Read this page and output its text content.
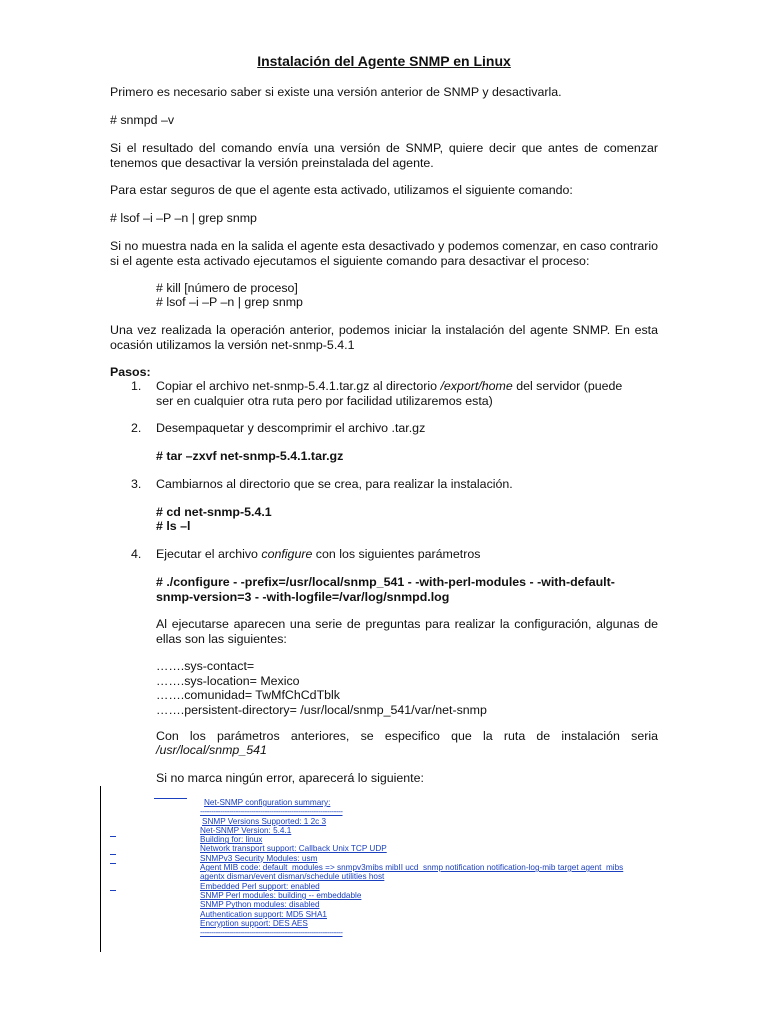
Instalación del Agente SNMP en Linux
Primero es necesario saber si existe una versión anterior de SNMP y desactivarla.
# snmpd –v
Si el resultado del comando envía una versión de SNMP, quiere decir que antes de comenzar tenemos que desactivar la versión preinstalada del agente.
Para estar seguros de que el agente esta activado, utilizamos el siguiente comando:
# lsof –i –P –n | grep snmp
Si no muestra nada en la salida el agente esta desactivado y podemos comenzar, en caso contrario si el agente esta activado ejecutamos el siguiente comando para desactivar el proceso:
# kill [número de proceso]
# lsof –i –P –n | grep snmp
Una vez realizada la operación anterior, podemos iniciar la instalación del agente SNMP. En esta ocasión utilizamos la versión net-snmp-5.4.1
Pasos:
1. Copiar el archivo net-snmp-5.4.1.tar.gz al directorio /export/home del servidor (puede
ser en cualquier otra ruta pero por facilidad utilizaremos esta)
2. Desempaquetar y descomprimir el archivo .tar.gz
# tar –zxvf net-snmp-5.4.1.tar.gz
3. Cambiarnos al directorio que se crea, para realizar la instalación.
# cd net-snmp-5.4.1
# ls –l
4. Ejecutar el archivo configure con los siguientes parámetros
# ./configure - -prefix=/usr/local/snmp_541 - -with-perl-modules - -with-default-
snmp-version=3 - -with-logfile=/var/log/snmpd.log
Al ejecutarse aparecen una serie de preguntas para realizar la configuración, algunas de ellas son las siguientes:
…….sys-contact=
…….sys-location= Mexico
…….comunidad= TwMfChCdTblk
…….persistent-directory= /usr/local/snmp_541/var/net-snmp
Con los parámetros anteriores, se especifico que la ruta de instalación seria
/usr/local/snmp_541
Si no marca ningún error, aparecerá lo siguiente:
Net-SNMP configuration summary:
----------------------------------------------------------------
SNMP Versions Supported: 1 2c 3
Net-SNMP Version: 5.4.1
Building for: linux
Network transport support: Callback Unix TCP UDP
SNMPv3 Security Modules: usm
Agent MIB code: default_modules => snmpv3mibs mibII ucd_snmp notification notification-log-mib target agent_mibs
agentx disman/event disman/schedule utilities host
Embedded Perl support: enabled
SNMP Perl modules: building -- embeddable
SNMP Python modules: disabled
Authentication support: MD5 SHA1
Encryption support: DES AES
----------------------------------------------------------------
